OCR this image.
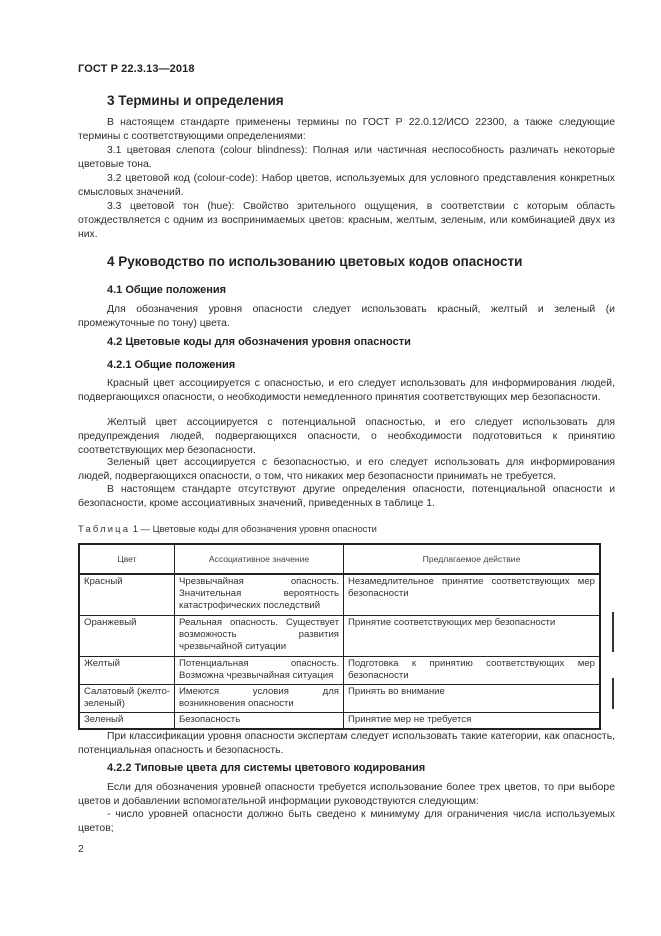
ГОСТ Р 22.3.13—2018
3 Термины и определения
В настоящем стандарте применены термины по ГОСТ Р 22.0.12/ИСО 22300, а также следующие термины с соответствующими определениями:
3.1 цветовая слепота (colour blindness): Полная или частичная неспособность различать некоторые цветовые тона.
3.2 цветовой код (colour-code): Набор цветов, используемых для условного представления конкретных смысловых значений.
3.3 цветовой тон (hue): Свойство зрительного ощущения, в соответствии с которым область отождествляется с одним из воспринимаемых цветов: красным, желтым, зеленым, или комбинацией двух из них.
4 Руководство по использованию цветовых кодов опасности
4.1 Общие положения
Для обозначения уровня опасности следует использовать красный, желтый и зеленый (и промежуточные по тону) цвета.
4.2 Цветовые коды для обозначения уровня опасности
4.2.1 Общие положения
Красный цвет ассоциируется с опасностью, и его следует использовать для информирования людей, подвергающихся опасности, о необходимости немедленного принятия соответствующих мер безопасности.
Желтый цвет ассоциируется с потенциальной опасностью, и его следует использовать для предупреждения людей, подвергающихся опасности, о необходимости подготовиться к принятию соответствующих мер безопасности.
Зеленый цвет ассоциируется с безопасностью, и его следует использовать для информирования людей, подвергающихся опасности, о том, что никаких мер безопасности принимать не требуется.
В настоящем стандарте отсутствуют другие определения опасности, потенциальной опасности и безопасности, кроме ассоциативных значений, приведенных в таблице 1.
Таблица 1 — Цветовые коды для обозначения уровня опасности
Цвет	Ассоциативное значение	Предлагаемое действие
Красный	Чрезвычайная опасность. Значительная вероятность катастрофических последствий	Незамедлительное принятие соответствующих мер безопасности
Оранжевый	Реальная опасность. Существует возможность развития чрезвычайной ситуации	Принятие соответствующих мер безопасности
Желтый	Потенциальная опасность. Возможна чрезвычайная ситуация	Подготовка к принятию соответствующих мер безопасности
Салатовый (желто-зеленый)	Имеются условия для возникновения опасности	Принять во внимание
Зеленый	Безопасность	Принятие мер не требуется
При классификации уровня опасности экспертам следует использовать такие категории, как опасность, потенциальная опасность и безопасность.
4.2.2 Типовые цвета для системы цветового кодирования
Если для обозначения уровней опасности требуется использование более трех цветов, то при выборе цветов и добавлении вспомогательной информации руководствуются следующим:
- число уровней опасности должно быть сведено к минимуму для ограничения числа используемых цветов;
2
